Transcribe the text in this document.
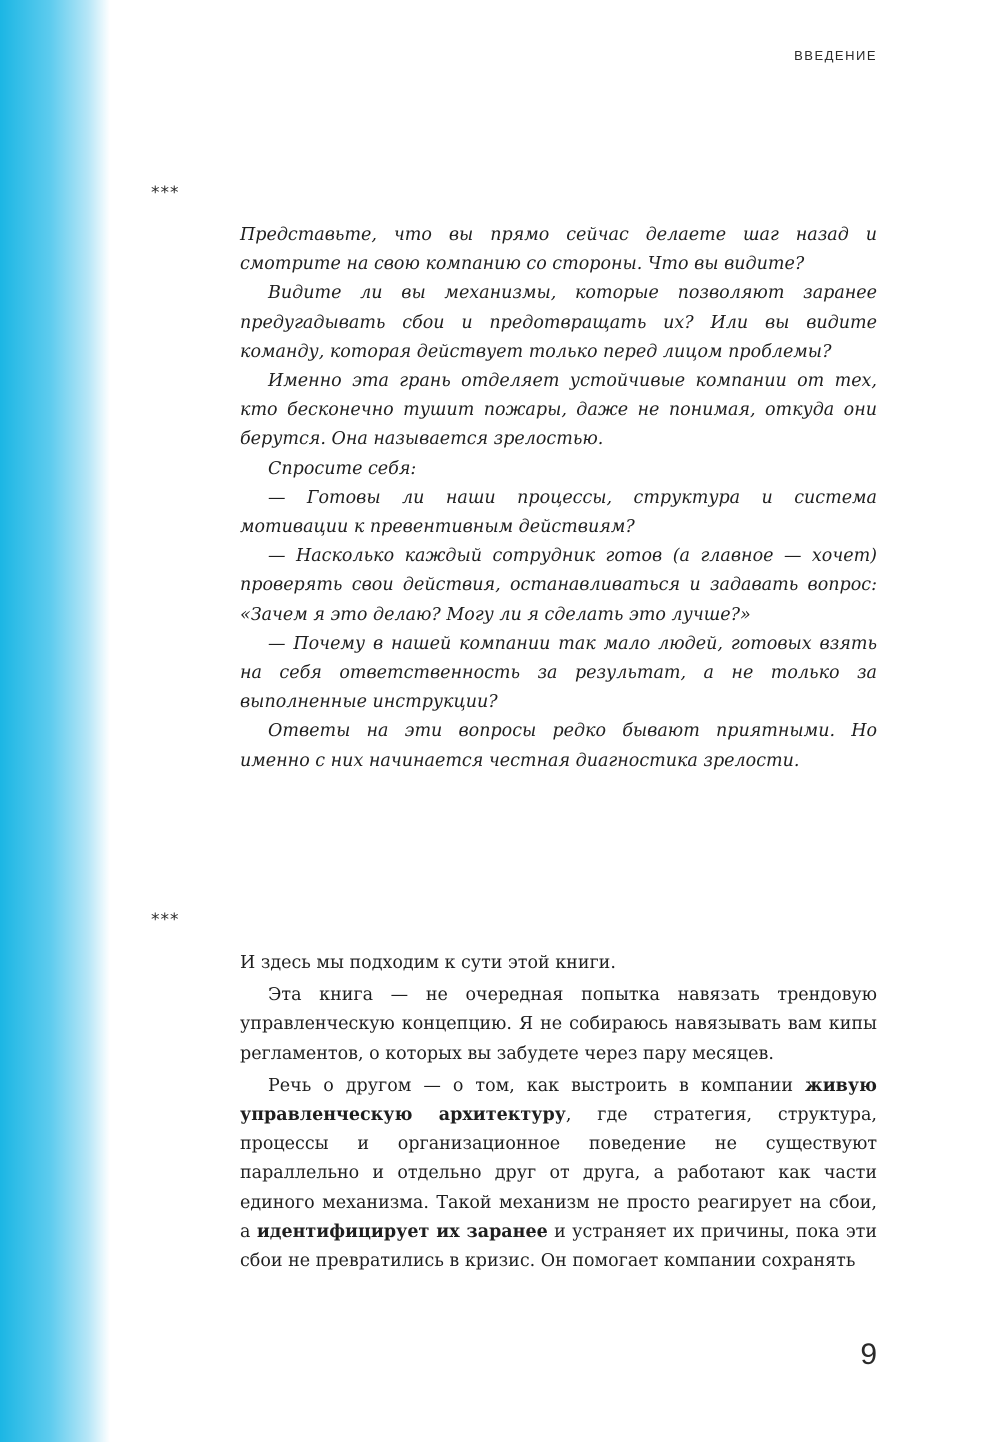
ВВЕДЕНИЕ
***

Представьте, что вы прямо сейчас делаете шаг назад и смотрите на свою компанию со стороны. Что вы видите?

Видите ли вы механизмы, которые позволяют заранее предугадывать сбои и предотвращать их? Или вы видите команду, которая действует только перед лицом проблемы?

Именно эта грань отделяет устойчивые компании от тех, кто бесконечно тушит пожары, даже не понимая, откуда они берутся. Она называется зрелостью.

Спросите себя:

— Готовы ли наши процессы, структура и система мотивации к превентивным действиям?

— Насколько каждый сотрудник готов (а главное — хочет) проверять свои действия, останавливаться и задавать вопрос: «Зачем я это делаю? Могу ли я сделать это лучше?»

— Почему в нашей компании так мало людей, готовых взять на себя ответственность за результат, а не только за выполненные инструкции?

Ответы на эти вопросы редко бывают приятными. Но именно с них начинается честная диагностика зрелости.

***

И здесь мы подходим к сути этой книги.

Эта книга — не очередная попытка навязать трендовую управленческую концепцию. Я не собираюсь навязывать вам кипы регламентов, о которых вы забудете через пару месяцев.

Речь о другом — о том, как выстроить в компании живую управленческую архитектуру, где стратегия, структура, процессы и организационное поведение не существуют параллельно и отдельно друг от друга, а работают как части единого механизма. Такой механизм не просто реагирует на сбои, а идентифицирует их заранее и устраняет их причины, пока эти сбои не превратились в кризис. Он помогает компании сохранять

9
